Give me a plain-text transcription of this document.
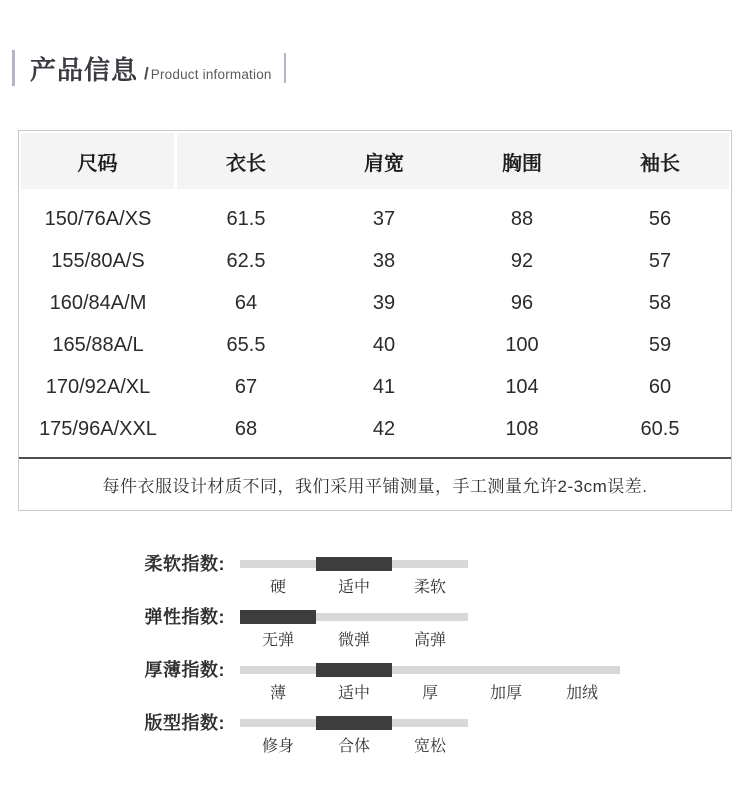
产品信息 / Product information
尺码	衣长	肩宽	胸围	袖长
150/76A/XS	61.5	37	88	56
155/80A/S	62.5	38	92	57
160/84A/M	64	39	96	58
165/88A/L	65.5	40	100	59
170/92A/XL	67	41	104	60
175/96A/XXL	68	42	108	60.5
每件衣服设计材质不同，我们采用平铺测量，手工测量允许2-3cm误差.
柔软指数:
硬	适中	柔软
弹性指数:
无弹	微弹	高弹
厚薄指数:
薄	适中	厚	加厚	加绒
版型指数:
修身	合体	宽松
